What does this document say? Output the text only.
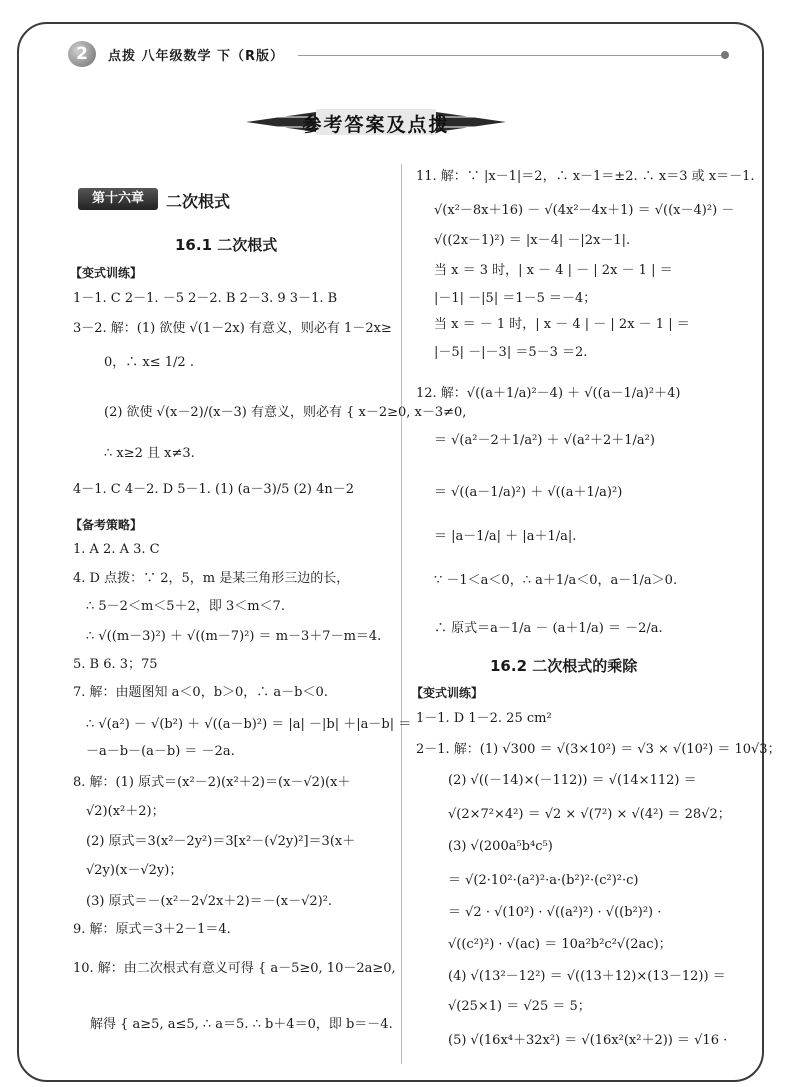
2	点拨 八年级数学 下（R版）
参考答案及点拨
第十六章	二次根式
16.1 二次根式
【变式训练】
1－1. C 2－1. －5 2－2. B 2－3. 9 3－1. B
3－2. 解：(1) 欲使 √(1－2x) 有意义，则必有 1－2x≥
0，∴ x≤ 1/2 .
(2) 欲使 √(x－2)/(x－3) 有意义，则必有 { x－2≥0, x－3≠0,
∴ x≥2 且 x≠3.
4－1. C 4－2. D 5－1. (1) (a－3)/5 (2) 4n－2
【备考策略】
1. A 2. A 3. C
4. D 点拨：∵ 2，5，m 是某三角形三边的长，
∴ 5－2＜m＜5＋2，即 3＜m＜7.
∴ √((m－3)²) ＋ √((m－7)²) ＝ m－3＋7－m＝4.
5. B 6. 3；75
7. 解：由题图知 a＜0，b＞0，∴ a－b＜0.
∴ √(a²) － √(b²) ＋ √((a－b)²) ＝ |a| －|b| ＋|a－b| ＝
－a－b－(a－b) ＝ －2a.
8. 解：(1) 原式＝(x²－2)(x²＋2)＝(x－√2)(x＋
√2)(x²＋2)；
(2) 原式＝3(x²－2y²)＝3[x²－(√2y)²]＝3(x＋
√2y)(x－√2y)；
(3) 原式＝－(x²－2√2x＋2)＝－(x－√2)².
9. 解：原式＝3＋2－1＝4.
10. 解：由二次根式有意义可得 { a－5≥0, 10－2a≥0,
解得 { a≥5, a≤5, ∴ a＝5. ∴ b＋4＝0，即 b＝－4.
11. 解：∵ |x－1|＝2，∴ x－1＝±2. ∴ x＝3 或 x＝－1.
√(x²－8x＋16) － √(4x²－4x＋1) ＝ √((x－4)²) －
√((2x－1)²) ＝ |x－4| －|2x－1|.
当 x ＝ 3 时，| x － 4 | － | 2x － 1 | ＝
|－1| －|5| ＝1－5 ＝－4；
当 x ＝ － 1 时，| x － 4 | － | 2x － 1 | ＝
|－5| －|－3| ＝5－3 ＝2.
12. 解：√((a＋1/a)²－4) ＋ √((a－1/a)²＋4)
＝ √(a²－2＋1/a²) ＋ √(a²＋2＋1/a²)
＝ √((a－1/a)²) ＋ √((a＋1/a)²)
＝ |a－1/a| ＋ |a＋1/a|.
∵ －1＜a＜0，∴ a＋1/a＜0，a－1/a＞0.
∴ 原式＝a－1/a － (a＋1/a) ＝ －2/a.
16.2 二次根式的乘除
【变式训练】
1－1. D 1－2. 25 cm²
2－1. 解：(1) √300 ＝ √(3×10²) ＝ √3 × √(10²) ＝ 10√3；
(2) √((－14)×(－112)) ＝ √(14×112) ＝
√(2×7²×4²) ＝ √2 × √(7²) × √(4²) ＝ 28√2；
(3) √(200a⁵b⁴c⁵)
＝ √(2·10²·(a²)²·a·(b²)²·(c²)²·c)
＝ √2 · √(10²) · √((a²)²) · √((b²)²) ·
√((c²)²) · √(ac) ＝ 10a²b²c²√(2ac)；
(4) √(13²－12²) ＝ √((13＋12)×(13－12)) ＝
√(25×1) ＝ √25 ＝ 5；
(5) √(16x⁴＋32x²) ＝ √(16x²(x²＋2)) ＝ √16 ·
